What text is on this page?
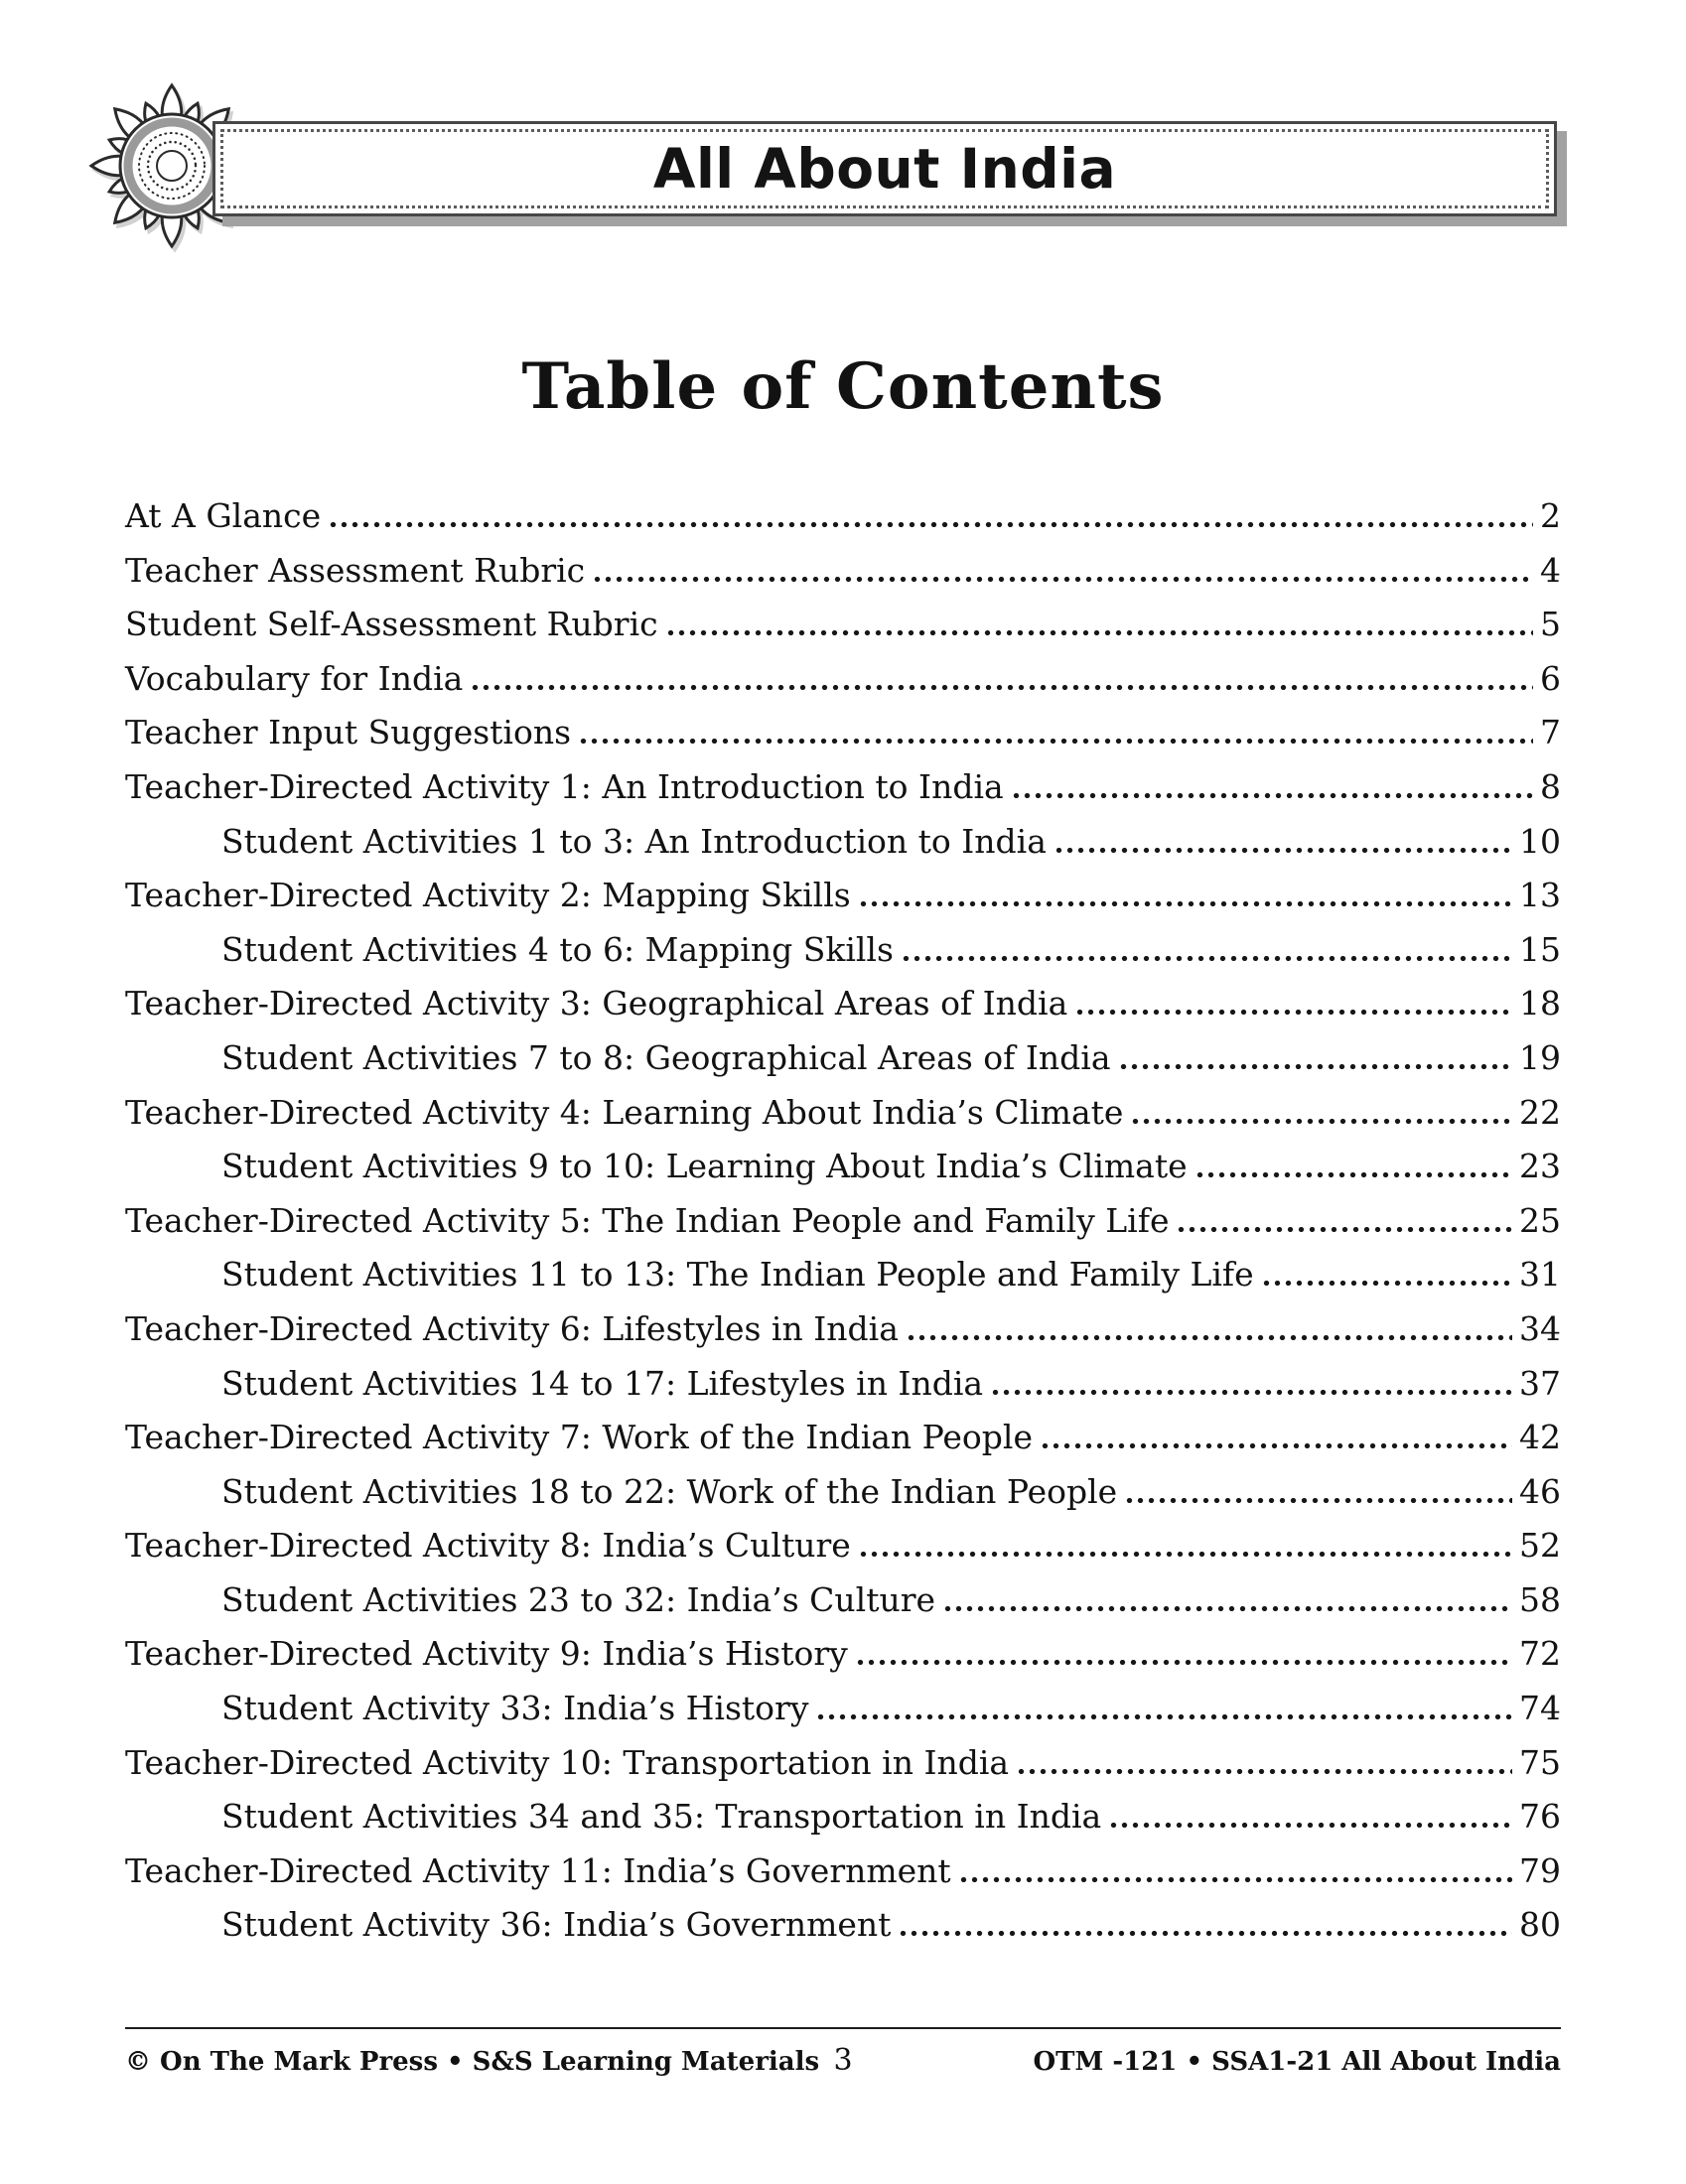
All About India
Table of Contents
At A Glance	2
Teacher Assessment Rubric	4
Student Self-Assessment Rubric	5
Vocabulary for India	6
Teacher Input Suggestions	7
Teacher-Directed Activity 1: An Introduction to India	8
Student Activities 1 to 3: An Introduction to India	10
Teacher-Directed Activity 2: Mapping Skills	13
Student Activities 4 to 6: Mapping Skills	15
Teacher-Directed Activity 3: Geographical Areas of India	18
Student Activities 7 to 8: Geographical Areas of India	19
Teacher-Directed Activity 4: Learning About India’s Climate	22
Student Activities 9 to 10: Learning About India’s Climate	23
Teacher-Directed Activity 5: The Indian People and Family Life	25
Student Activities 11 to 13: The Indian People and Family Life	31
Teacher-Directed Activity 6: Lifestyles in India	34
Student Activities 14 to 17: Lifestyles in India	37
Teacher-Directed Activity 7: Work of the Indian People	42
Student Activities 18 to 22: Work of the Indian People	46
Teacher-Directed Activity 8: India’s Culture	52
Student Activities 23 to 32: India’s Culture	58
Teacher-Directed Activity 9: India’s History	72
Student Activity 33: India’s History	74
Teacher-Directed Activity 10: Transportation in India	75
Student Activities 34 and 35: Transportation in India	76
Teacher-Directed Activity 11: India’s Government	79
Student Activity 36: India’s Government	80
© On The Mark Press • S&S Learning Materials 3	OTM -121 • SSA1-21 All About India
